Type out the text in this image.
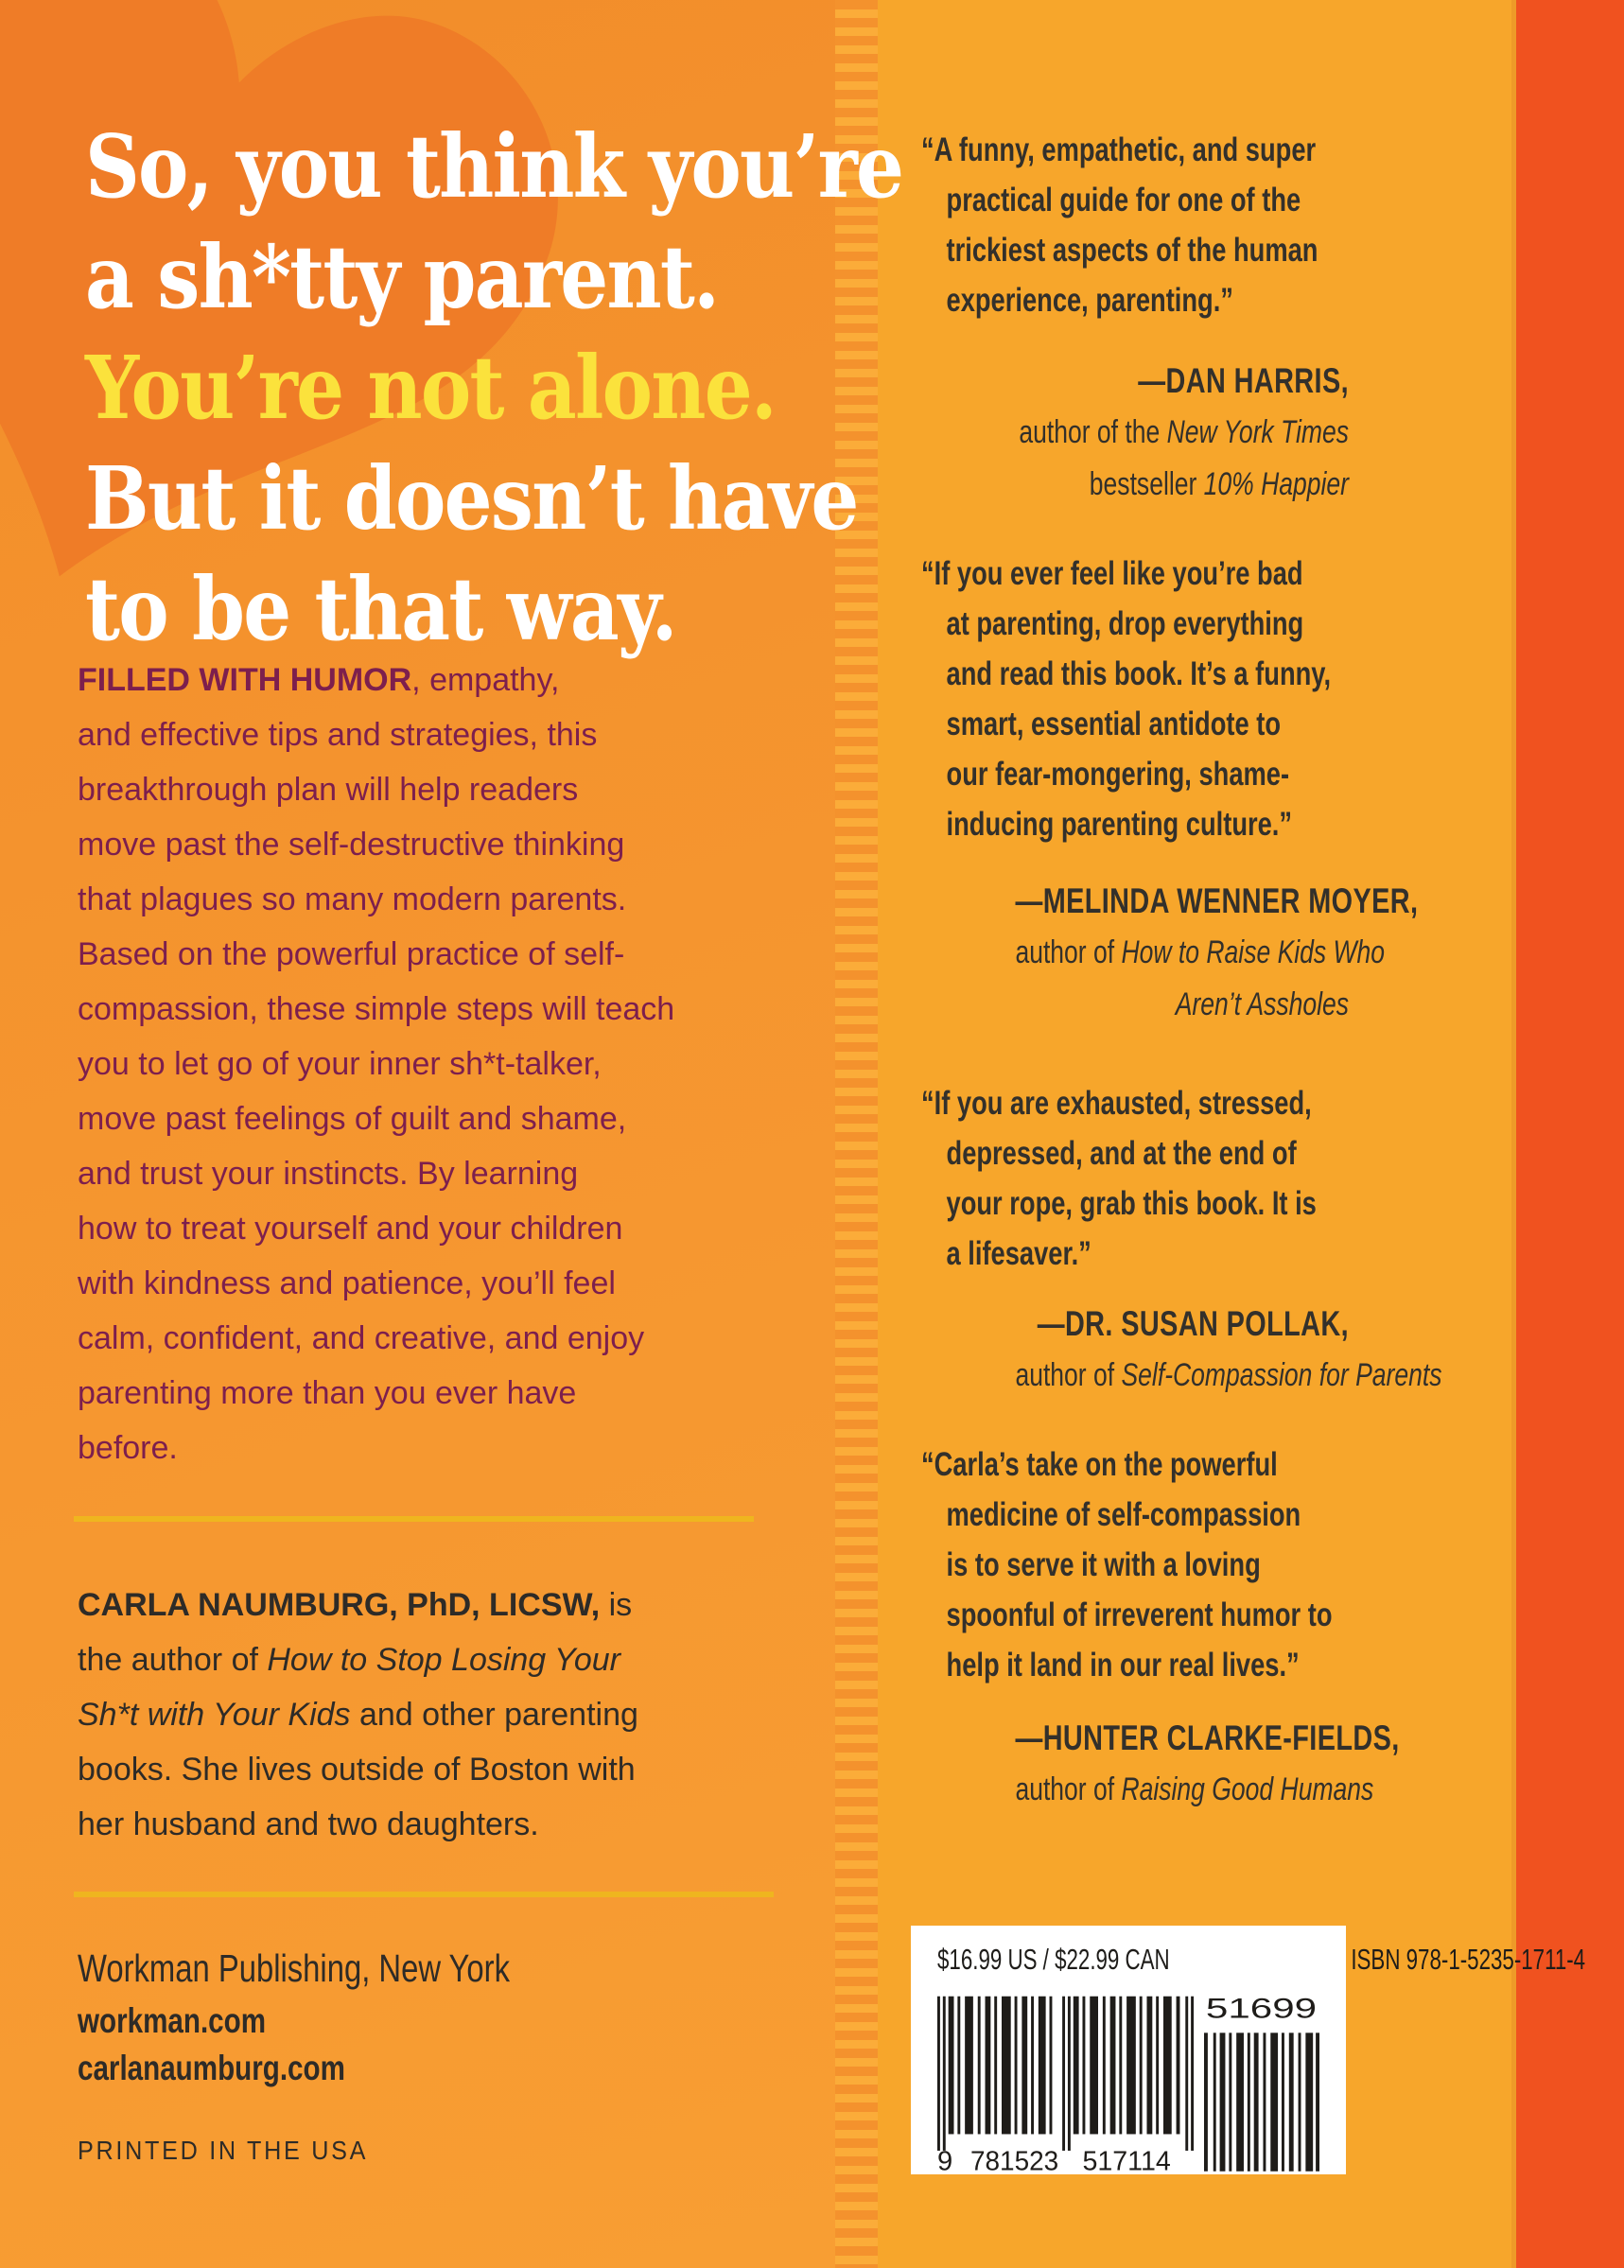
So, you think you’re
a sh*tty parent.
You’re not alone.
But it doesn’t have
to be that way.
FILLED WITH HUMOR, empathy,
and effective tips and strategies, this
breakthrough plan will help readers
move past the self-destructive thinking
that plagues so many modern parents.
Based on the powerful practice of self-
compassion, these simple steps will teach
you to let go of your inner sh*t-talker,
move past feelings of guilt and shame,
and trust your instincts. By learning
how to treat yourself and your children
with kindness and patience, you’ll feel
calm, confident, and creative, and enjoy
parenting more than you ever have
before.
CARLA NAUMBURG, PhD, LICSW, is
the author of How to Stop Losing Your
Sh*t with Your Kids and other parenting
books. She lives outside of Boston with
her husband and two daughters.
Workman Publishing, New York
workman.com
carlanaumburg.com
PRINTED IN THE USA
“A funny, empathetic, and super
practical guide for one of the
trickiest aspects of the human
experience, parenting.”
—DAN HARRIS,
author of the New York Times
bestseller 10% Happier
“If you ever feel like you’re bad
at parenting, drop everything
and read this book. It’s a funny,
smart, essential antidote to
our fear-mongering, shame-
inducing parenting culture.”
—MELINDA WENNER MOYER,
author of How to Raise Kids Who
Aren’t Assholes
“If you are exhausted, stressed,
depressed, and at the end of
your rope, grab this book. It is
a lifesaver.”
—DR. SUSAN POLLAK,
author of Self-Compassion for Parents
“Carla’s take on the powerful
medicine of self-compassion
is to serve it with a loving
spoonful of irreverent humor to
help it land in our real lives.”
—HUNTER CLARKE-FIELDS,
author of Raising Good Humans
$16.99 US / $22.99 CAN	ISBN 978-1-5235-1711-4
9 781523 517114
51699
